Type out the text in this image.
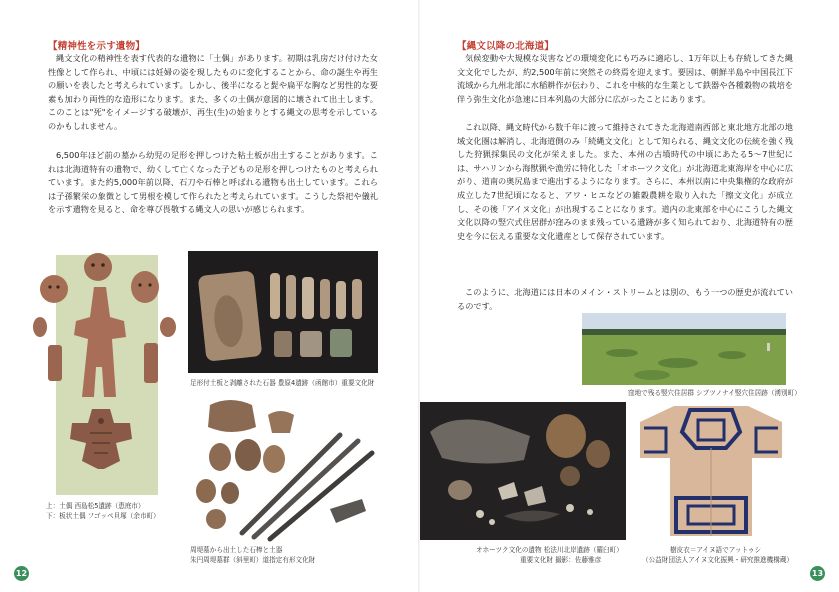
【精神性を示す遺物】

縄文文化の精神性を表す代表的な遺物に「土偶」があります。初期は乳房だけ付けた女性像として作られ、中頃には妊婦の姿を現したものに変化することから、命の誕生や再生の願いを表したと考えられています。しかし、後半になると髭や扁平な胸など男性的な要素も加わり両性的な造形になります。また、多くの土偶が意図的に壊されて出土します。このことは"死"をイメージする破壊が、再生(生)の始まりとする縄文の思考を示しているのかもしれません。

6,500年ほど前の墓から幼児の足形を押しつけた粘土板が出土することがあります。これは北海道特有の遺物で、幼くして亡くなった子どもの足形を押しつけたものと考えられています。また約5,000年前以降、石刀や石棒と呼ばれる遺物も出土しています。これらは子孫繁栄の象徴として男根を模して作られたと考えられています。こうした祭祀や儀礼を示す遺物を見ると、命を尊び畏敬する縄文人の思いが感じられます。

上：土偶 西島松5遺跡（恵庭市）
下：板状土偶 フゴッペ貝塚（余市町）
足形付土板と剥離された石器 豊原4遺跡（函館市）重要文化財
周堤墓から出土した石棒と土器
朱円周堤墓群（斜里町）道指定有形文化財
12
【縄文以降の北海道】

気候変動や大規模な災害などの環境変化にも巧みに適応し、1万年以上も存続してきた縄文文化でしたが、約2,500年前に突然その終焉を迎えます。要因は、朝鮮半島や中国長江下流域から九州北部に水稲耕作が伝わり、これを中核的な生業として鉄器や各種穀物の栽培を伴う弥生文化が急速に日本列島の大部分に広がったことにあります。

これ以降、縄文時代から数千年に渡って維持されてきた北海道南西部と東北地方北部の地域文化圏は解消し、北海道側のみ「続縄文文化」として知られる、縄文文化の伝統を強く残した狩猟採集民の文化が栄えました。また、本州の古墳時代の中頃にあたる5〜7世紀には、サハリンから海獣猟や漁労に特化した「オホーツク文化」が北海道北東海岸を中心に広がり、道南の奥尻島まで進出するようになります。さらに、本州以南に中央集権的な政府が成立した7世紀頃になると、アワ・ヒエなどの雑穀農耕を取り入れた「擦文文化」が成立し、その後「アイヌ文化」が出現することになります。道内の北東部を中心にこうした縄文文化以降の竪穴式住居群が窪みのまま残っている遺跡が多く知られており、北海道特有の歴史を今に伝える重要な文化遺産として保存されています。

このように、北海道には日本のメイン・ストリームとは別の、もう一つの歴史が流れているのです。

窪地で残る竪穴住居群 シブツノナイ竪穴住居跡（湧別町）
オホーツク文化の遺物 松法川北岸遺跡（羅臼町）
重要文化財 撮影：佐藤雅彦
樹皮衣＝アイヌ語でアットゥシ
（公益財団法人アイヌ文化振興・研究推進機構蔵）
13
